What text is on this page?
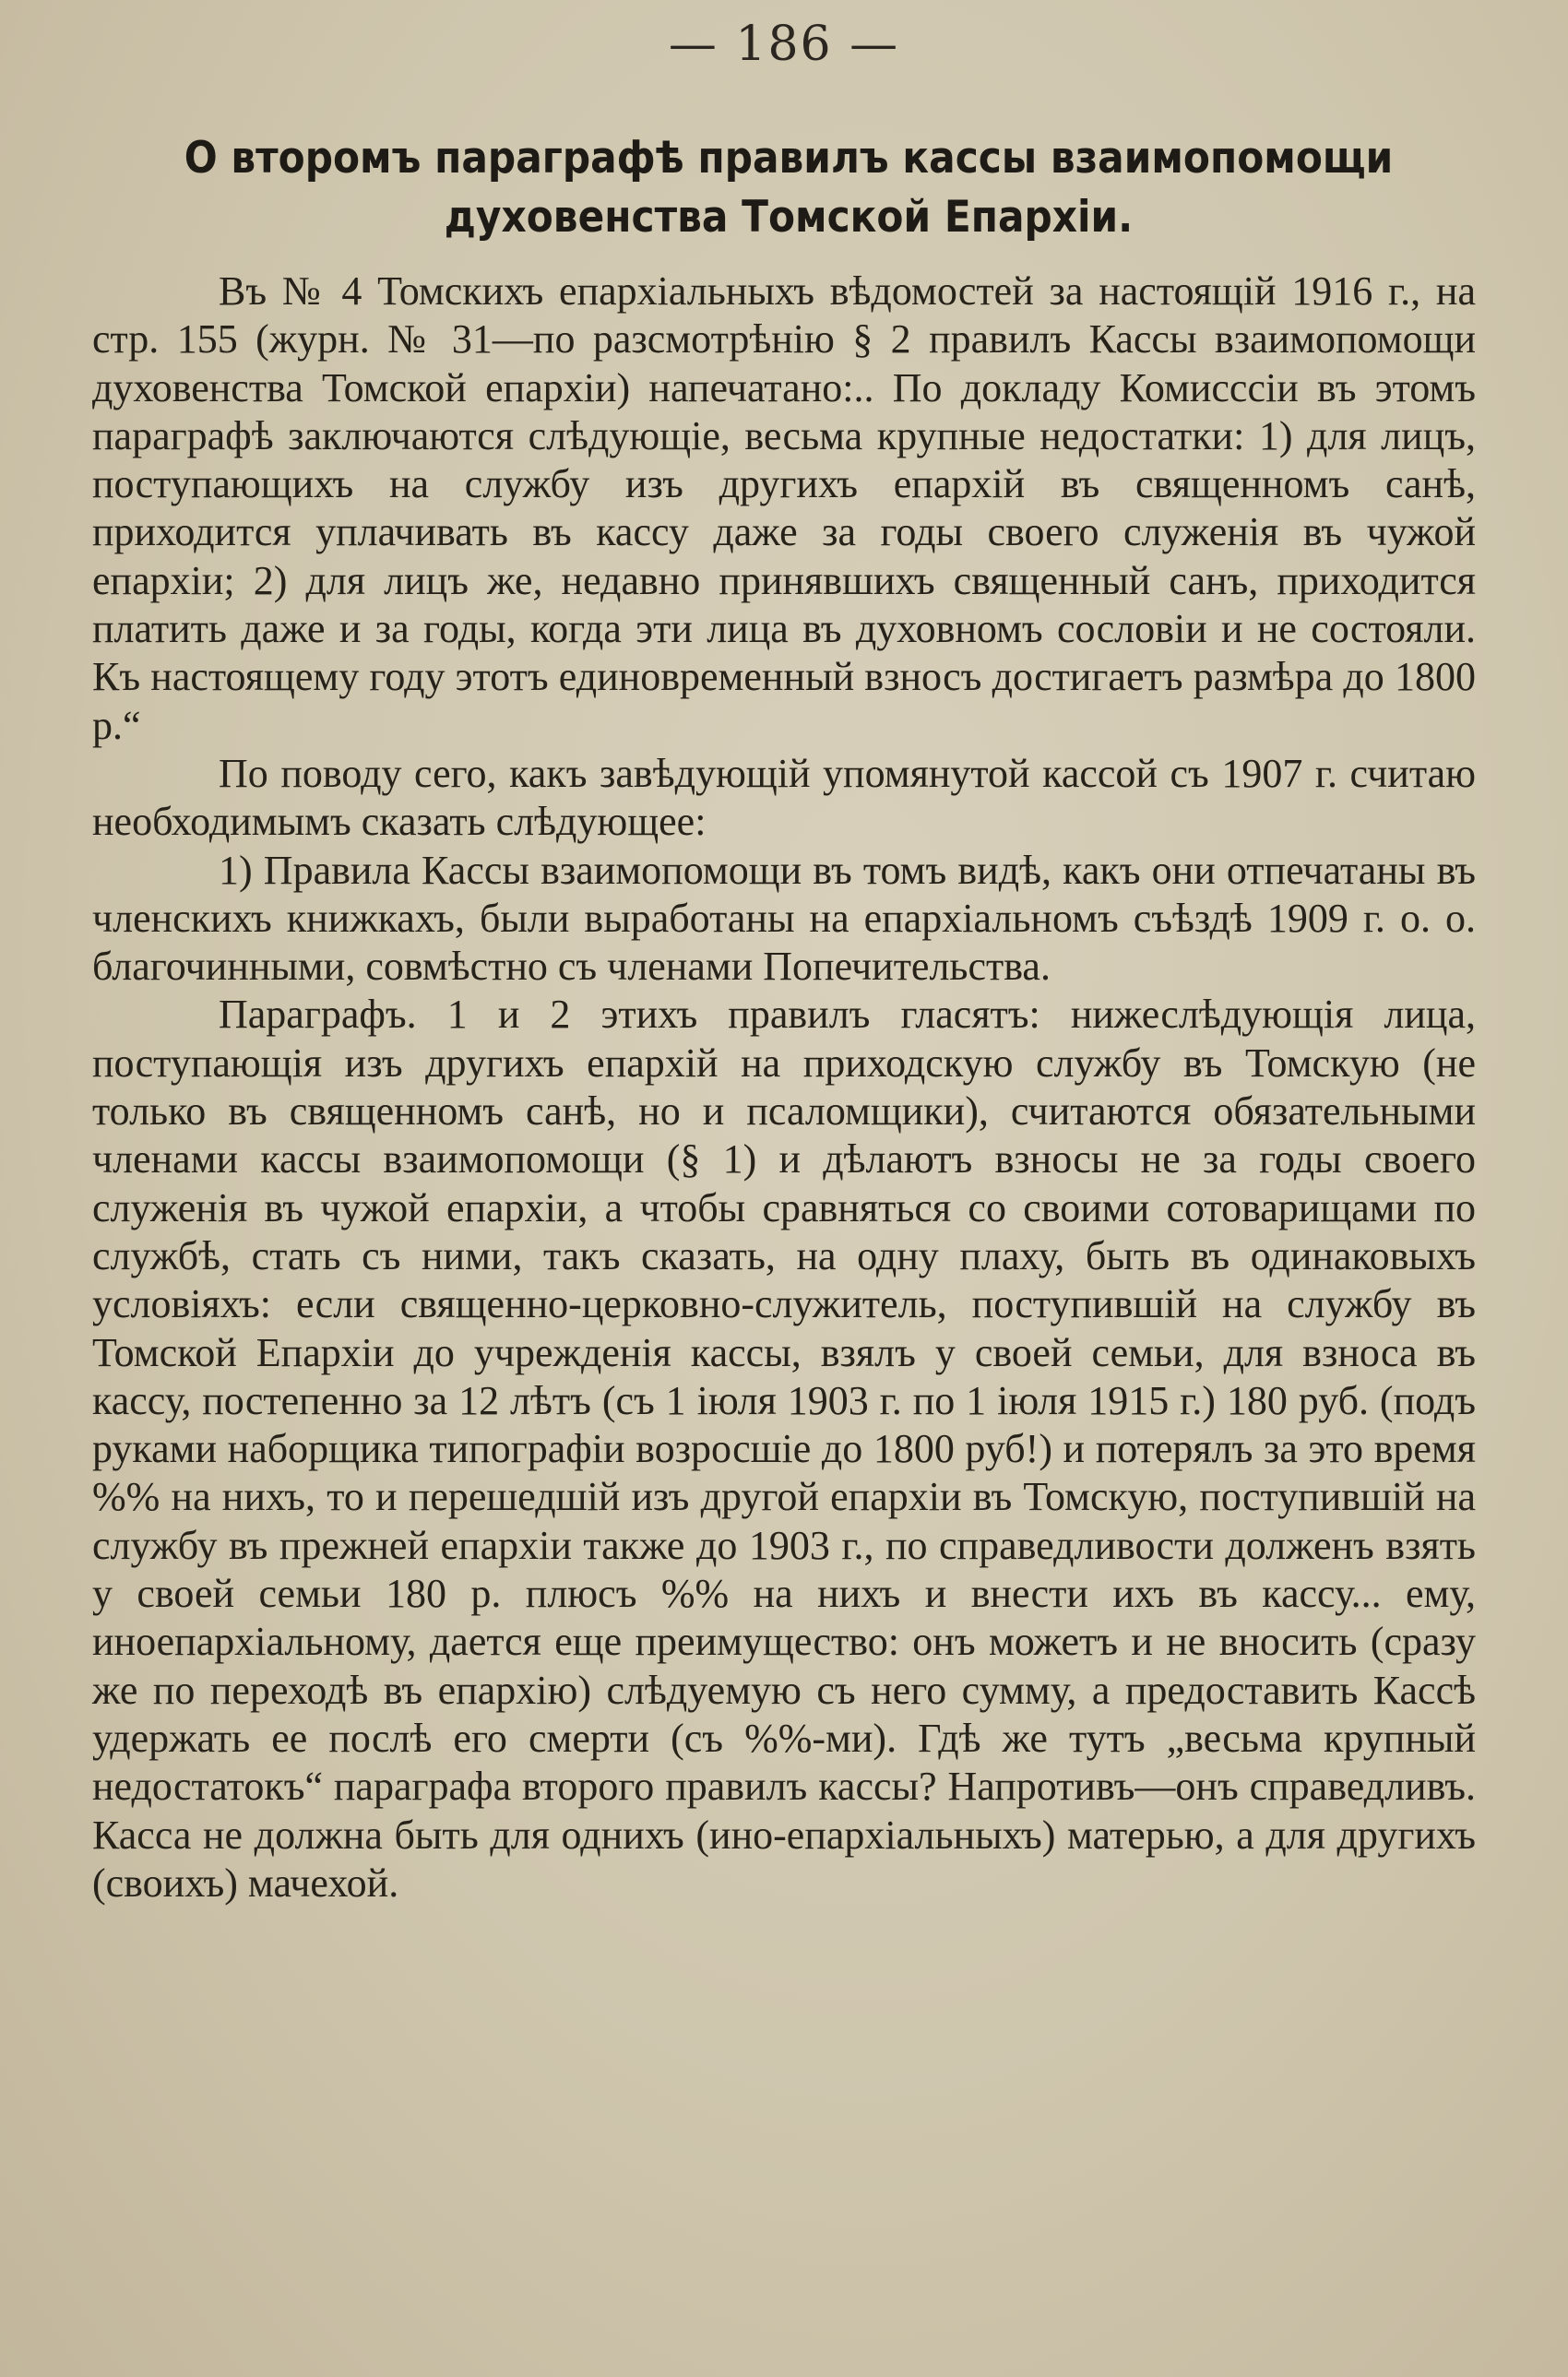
— 186 —
О второмъ параграфѣ правилъ кассы взаимопомощи духовенства Томской Епархіи.

Въ № 4 Томскихъ епархіальныхъ вѣдомостей за настоящій 1916 г., на стр. 155 (журн. № 31—по разсмотрѣнію § 2 правилъ Кассы взаимопомощи духовенства Томской епархіи) напечатано:.. По докладу Комиссcіи въ этомъ параграфѣ заключаются слѣдующіе, весьма крупные недостатки: 1) для лицъ, поступающихъ на службу изъ другихъ епархій въ священномъ санѣ, приходится уплачивать въ кассу даже за годы своего служенія въ чужой епархіи; 2) для лицъ же, недавно принявшихъ священный санъ, приходится платить даже и за годы, когда эти лица въ духовномъ сословіи и не состояли. Къ настоящему году этотъ единовременный взносъ достигаетъ размѣра до 1800 р.“

По поводу сего, какъ завѣдующій упомянутой кассой съ 1907 г. считаю необходимымъ сказать слѣдующее:

1) Правила Кассы взаимопомощи въ томъ видѣ, какъ они отпечатаны въ членскихъ книжкахъ, были выработаны на епархіальномъ съѣздѣ 1909 г. о. о. благочинными, совмѣстно съ членами Попечительства.

Параграфъ. 1 и 2 этихъ правилъ гласятъ: нижеслѣдующія лица, поступающія изъ другихъ епархій на приходскую службу въ Томскую (не только въ священномъ санѣ, но и псаломщики), считаются обязательными членами кассы взаимопомощи (§ 1) и дѣлаютъ взносы не за годы своего служенія въ чужой епархіи, а чтобы сравняться со своими сотоварищами по службѣ, стать съ ними, такъ сказать, на одну плаху, быть въ одинаковыхъ условіяхъ: если священно-церковно-служитель, поступившій на службу въ Томской Епархіи до учрежденія кассы, взялъ у своей семьи, для взноса въ кассу, постепенно за 12 лѣтъ (съ 1 іюля 1903 г. по 1 іюля 1915 г.) 180 руб. (подъ руками наборщика типографіи возросшіе до 1800 руб!) и потерялъ за это время %% на нихъ, то и перешедшій изъ другой епархіи въ Томскую, поступившій на службу въ прежней епархіи также до 1903 г., по справедливости долженъ взять у своей семьи 180 р. плюсъ %% на нихъ и внести ихъ въ кассу... ему, иноепархіальному, дается еще преимущество: онъ можетъ и не вносить (сразу же по переходѣ въ епархію) слѣдуемую съ него сумму, а предоставить Кассѣ удержать ее послѣ его смерти (съ %%-ми). Гдѣ же тутъ „весьма крупный недостатокъ“ параграфа второго правилъ кассы? Напротивъ—онъ справедливъ. Касса не должна быть для однихъ (ино-епархіальныхъ) матерью, а для другихъ (своихъ) мачехой.
